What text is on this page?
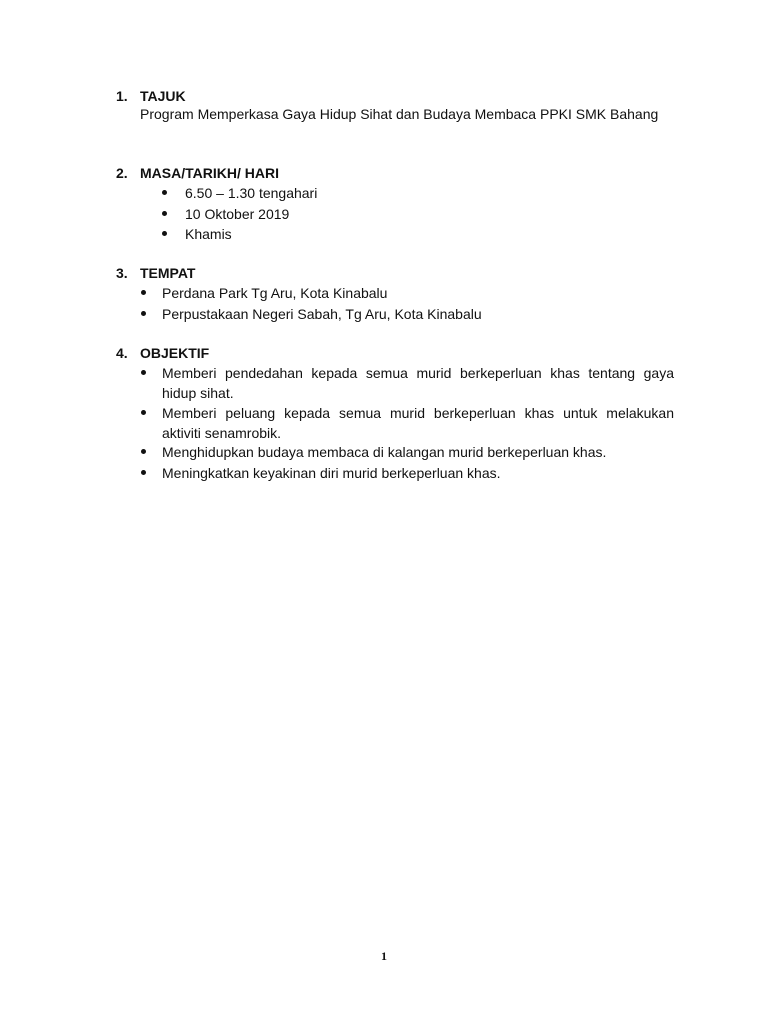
1. TAJUK
Program Memperkasa Gaya Hidup Sihat dan Budaya Membaca PPKI SMK Bahang
2. MASA/TARIKH/ HARI
6.50 – 1.30 tengahari
10 Oktober 2019
Khamis
3. TEMPAT
Perdana Park Tg Aru, Kota Kinabalu
Perpustakaan Negeri Sabah, Tg Aru, Kota Kinabalu
4. OBJEKTIF
Memberi pendedahan kepada semua murid berkeperluan khas tentang gaya hidup sihat.
Memberi peluang kepada semua murid berkeperluan khas untuk melakukan aktiviti senamrobik.
Menghidupkan budaya membaca di kalangan murid berkeperluan khas.
Meningkatkan keyakinan diri murid berkeperluan khas.
1
